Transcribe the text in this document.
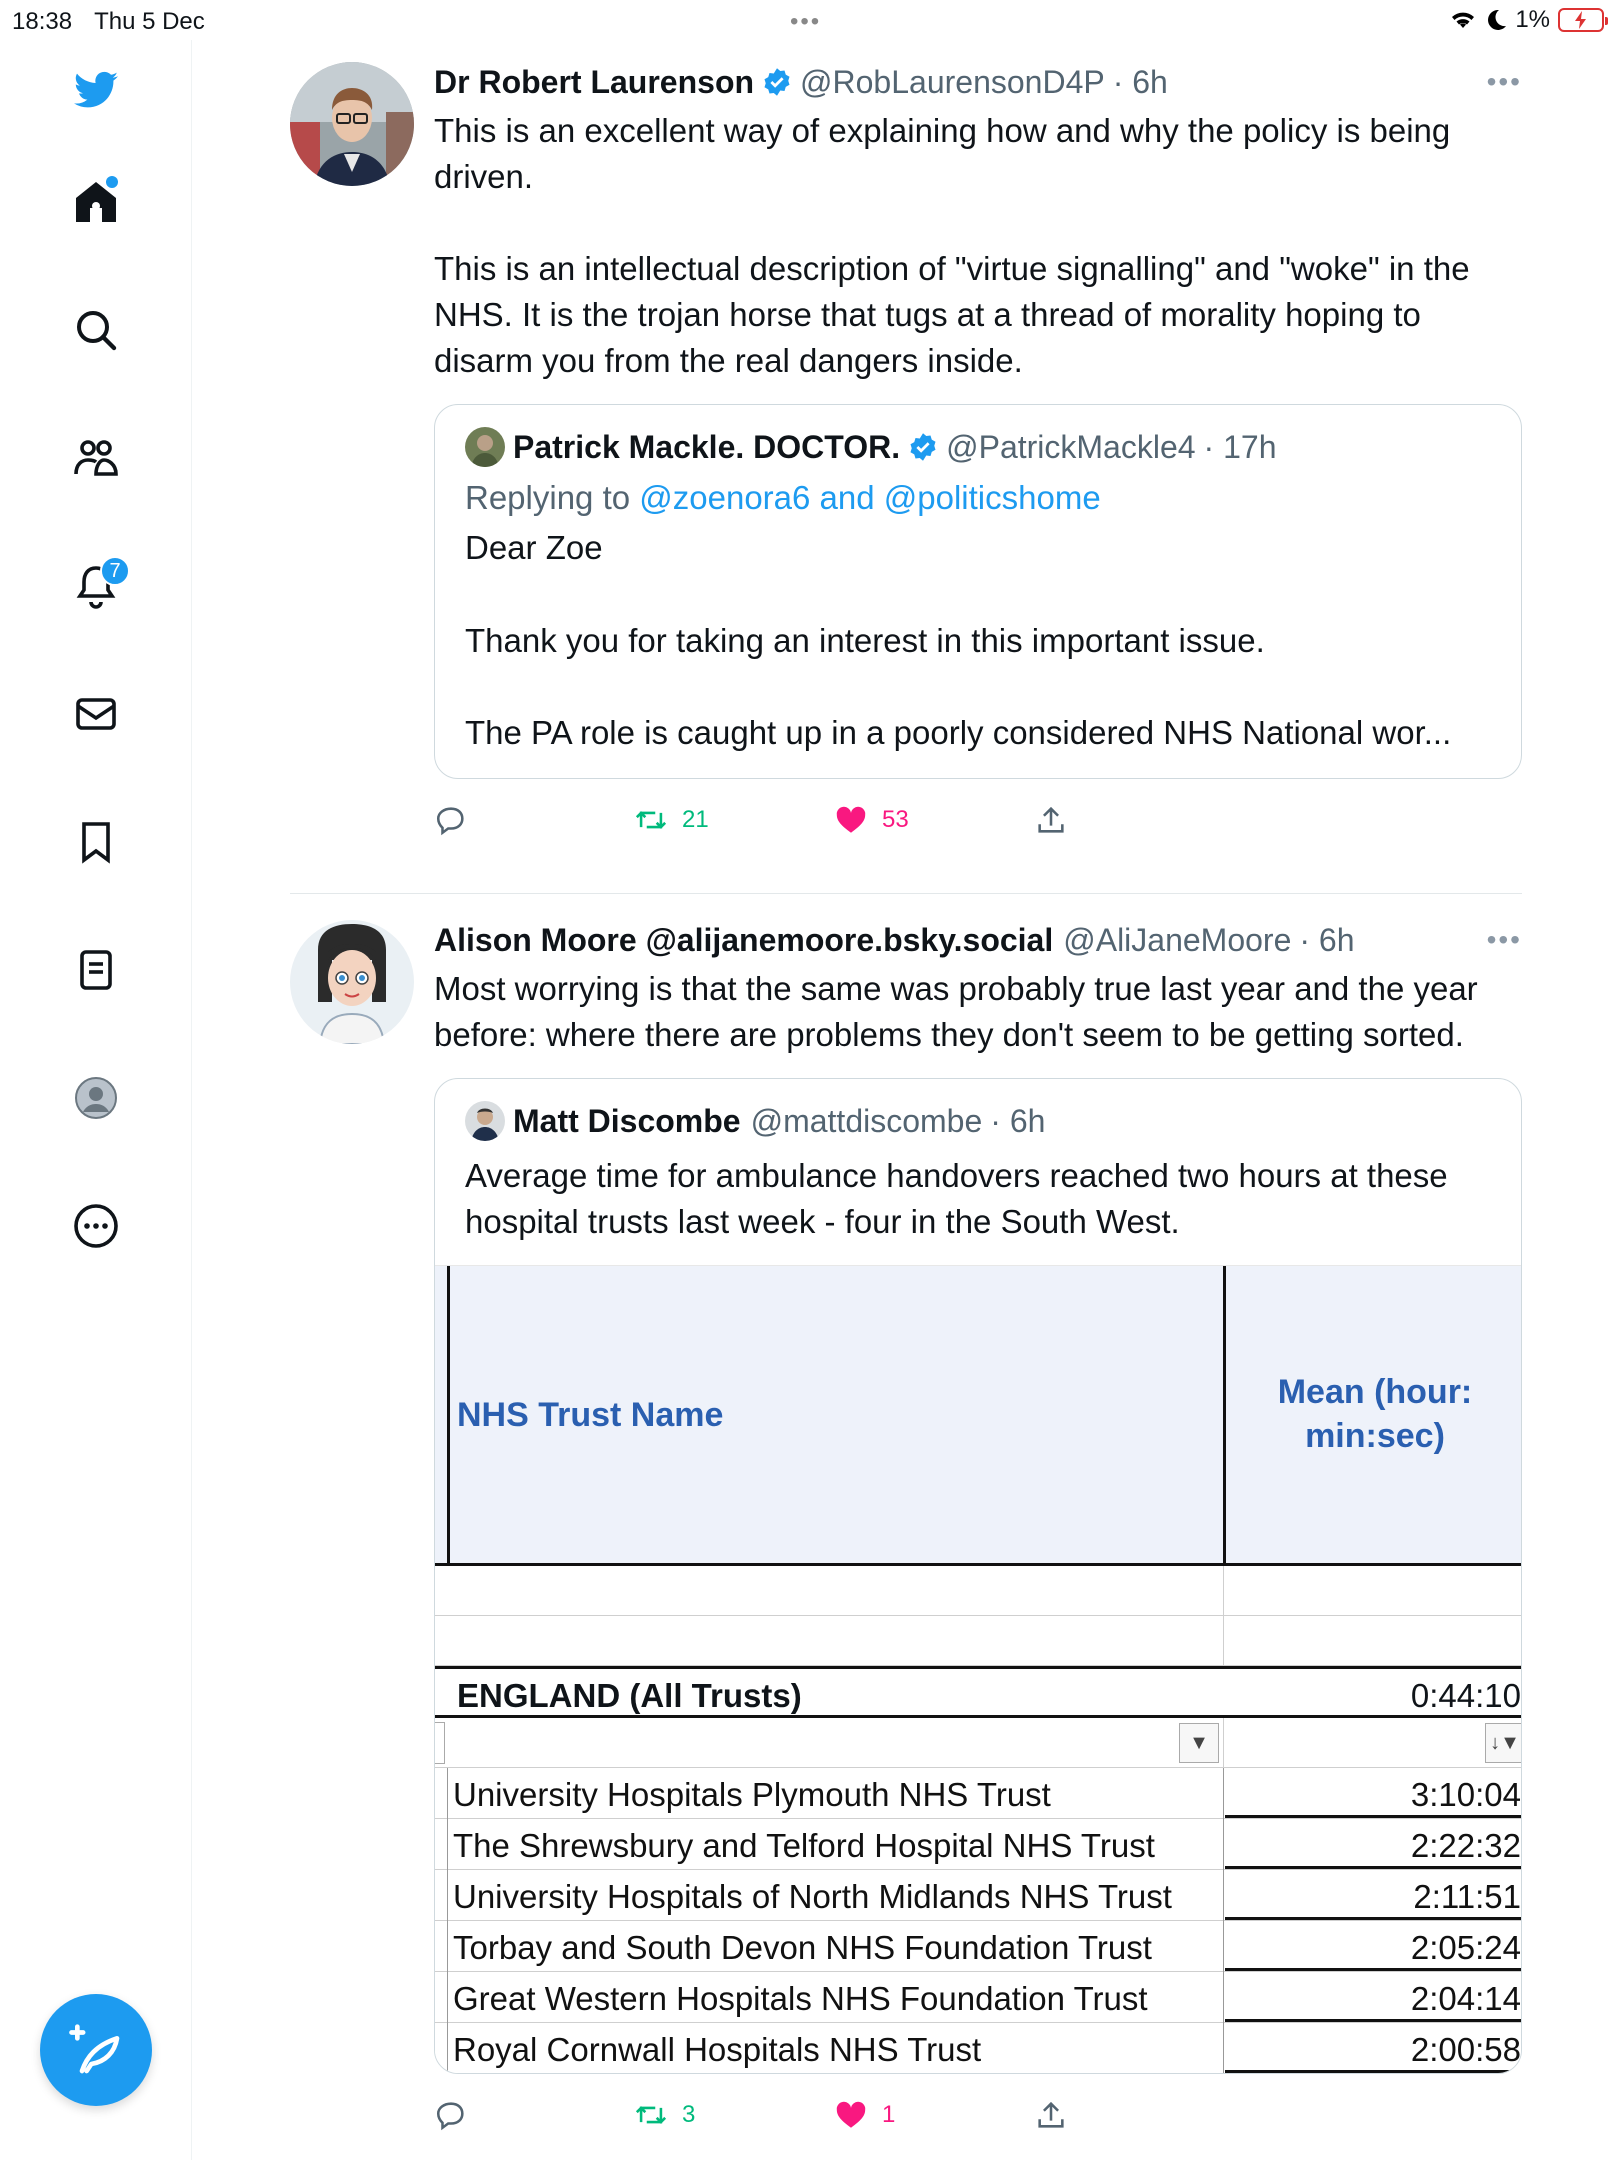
18:38 Thu 5 Dec	•••	1%
7
Dr Robert Laurenson @RobLaurensonD4P · 6h	•••
This is an excellent way of explaining how and why the policy is being driven.
This is an intellectual description of "virtue signalling" and "woke" in the NHS. It is the trojan horse that tugs at a thread of morality hoping to disarm you from the real dangers inside.
Patrick Mackle. DOCTOR. @PatrickMackle4 · 17h
Replying to @zoenora6 and @politicshome
Dear Zoe
Thank you for taking an interest in this important issue.
The PA role is caught up in a poorly considered NHS National wor...
21	53
Alison Moore @alijanemoore.bsky.social @AliJaneMoore · 6h	•••
Most worrying is that the same was probably true last year and the year before: where there are problems they don't seem to be getting sorted.
Matt Discombe @mattdiscombe · 6h
Average time for ambulance handovers reached two hours at these hospital trusts last week - four in the South West.
NHS Trust Name
Mean (hour: min:sec)
ENGLAND (All Trusts)	0:44:10
▼	↓▼
University Hospitals Plymouth NHS Trust	3:10:04
The Shrewsbury and Telford Hospital NHS Trust	2:22:32
University Hospitals of North Midlands NHS Trust	2:11:51
Torbay and South Devon NHS Foundation Trust	2:05:24
Great Western Hospitals NHS Foundation Trust	2:04:14
Royal Cornwall Hospitals NHS Trust	2:00:58
3	1
